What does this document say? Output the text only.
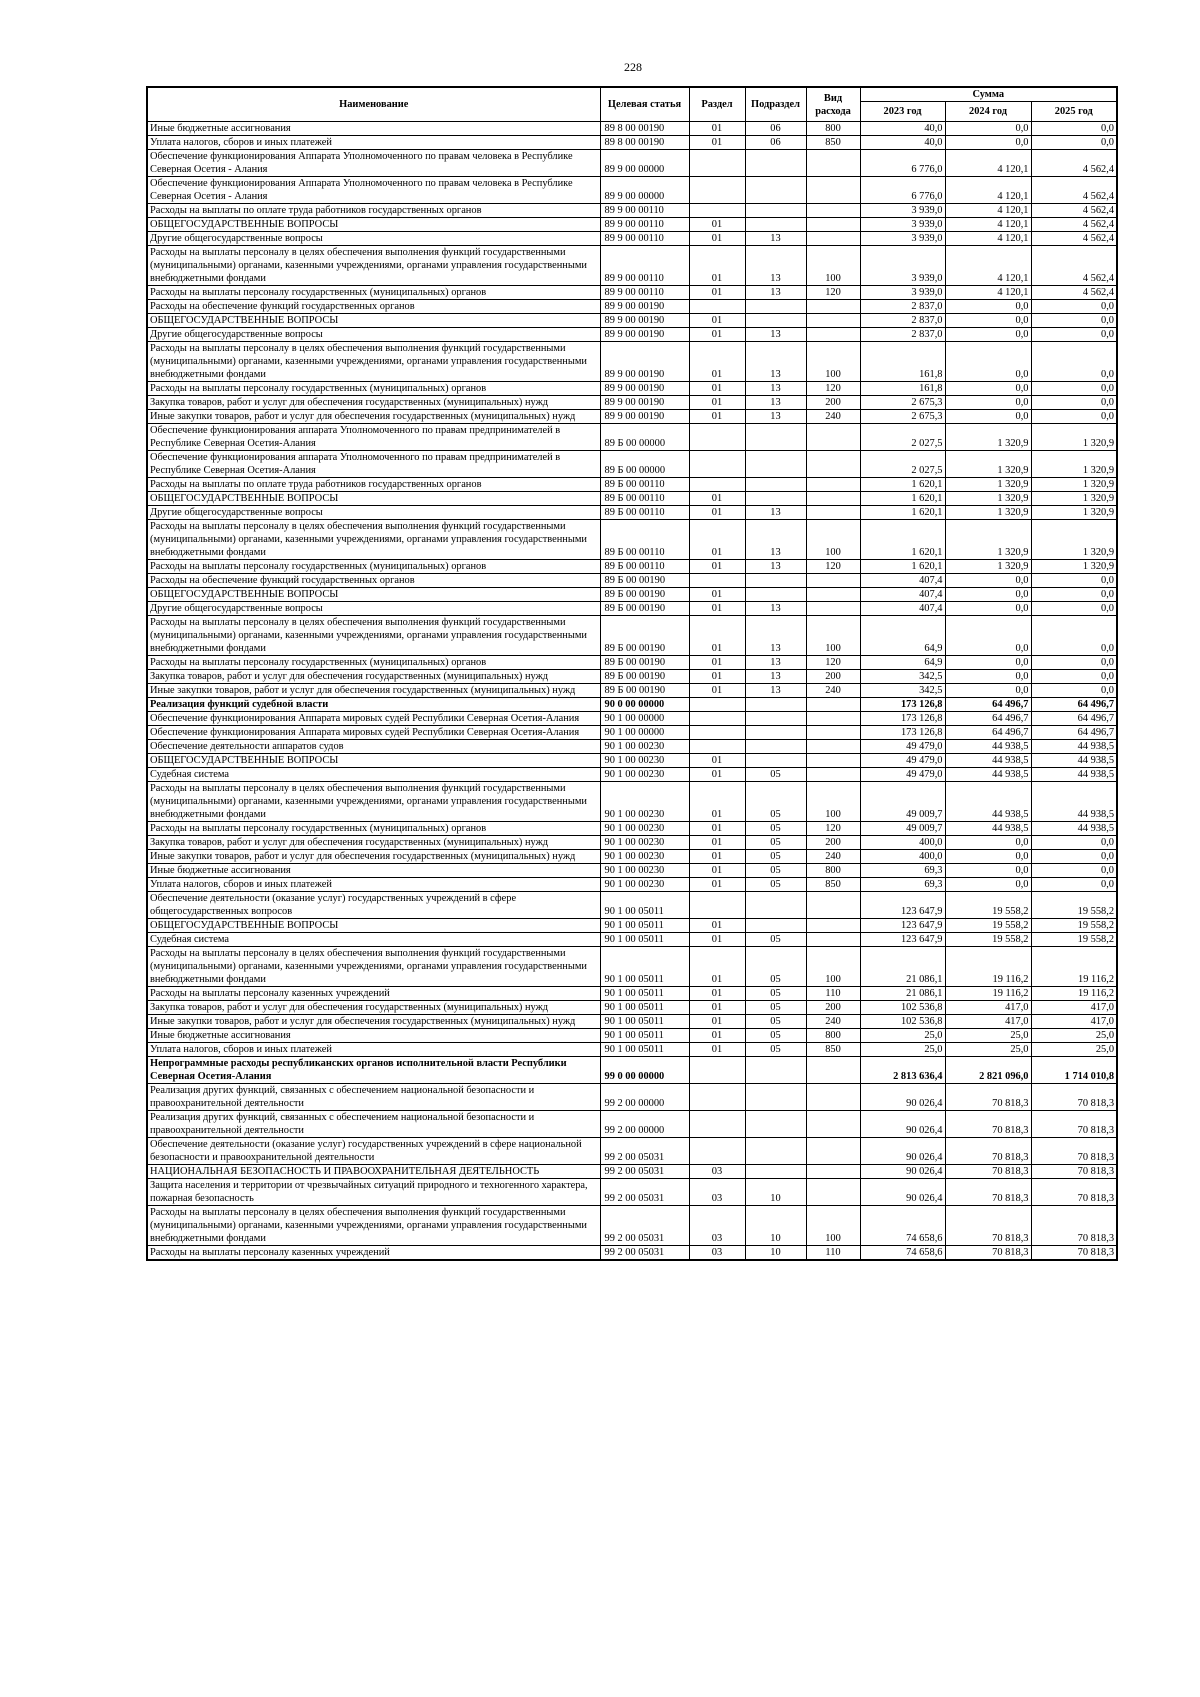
228
Наименование	Целевая статья	Раздел	Подраздел	Вид расхода	Сумма		
					2023 год	2024 год	2025 год
Иные бюджетные ассигнования	89 8 00 00190	01	06	800	40,0	0,0	0,0
Уплата налогов, сборов и иных платежей	89 8 00 00190	01	06	850	40,0	0,0	0,0
Обеспечение функционирования Аппарата Уполномоченного по правам человека в Республике Северная Осетия - Алания	89 9 00 00000				6 776,0	4 120,1	4 562,4
Обеспечение функционирования Аппарата Уполномоченного по правам человека в Республике Северная Осетия - Алания	89 9 00 00000				6 776,0	4 120,1	4 562,4
Расходы на выплаты по оплате труда работников государственных органов	89 9 00 00110				3 939,0	4 120,1	4 562,4
ОБЩЕГОСУДАРСТВЕННЫЕ ВОПРОСЫ	89 9 00 00110	01			3 939,0	4 120,1	4 562,4
Другие общегосударственные вопросы	89 9 00 00110	01	13		3 939,0	4 120,1	4 562,4
Расходы на выплаты персоналу в целях обеспечения выполнения функций государственными (муниципальными) органами, казенными учреждениями, органами управления государственными внебюджетными фондами	89 9 00 00110	01	13	100	3 939,0	4 120,1	4 562,4
Расходы на выплаты персоналу государственных (муниципальных) органов	89 9 00 00110	01	13	120	3 939,0	4 120,1	4 562,4
Расходы на обеспечение функций государственных органов	89 9 00 00190				2 837,0	0,0	0,0
ОБЩЕГОСУДАРСТВЕННЫЕ ВОПРОСЫ	89 9 00 00190	01			2 837,0	0,0	0,0
Другие общегосударственные вопросы	89 9 00 00190	01	13		2 837,0	0,0	0,0
Расходы на выплаты персоналу в целях обеспечения выполнения функций государственными (муниципальными) органами, казенными учреждениями, органами управления государственными внебюджетными фондами	89 9 00 00190	01	13	100	161,8	0,0	0,0
Расходы на выплаты персоналу государственных (муниципальных) органов	89 9 00 00190	01	13	120	161,8	0,0	0,0
Закупка товаров, работ и услуг для обеспечения государственных (муниципальных) нужд	89 9 00 00190	01	13	200	2 675,3	0,0	0,0
Иные закупки товаров, работ и услуг для обеспечения государственных (муниципальных) нужд	89 9 00 00190	01	13	240	2 675,3	0,0	0,0
Обеспечение функционирования аппарата Уполномоченного по правам предпринимателей в Республике Северная Осетия-Алания	89 Б 00 00000				2 027,5	1 320,9	1 320,9
Обеспечение функционирования аппарата Уполномоченного по правам предпринимателей в Республике Северная Осетия-Алания	89 Б 00 00000				2 027,5	1 320,9	1 320,9
Расходы на выплаты по оплате труда работников государственных органов	89 Б 00 00110				1 620,1	1 320,9	1 320,9
ОБЩЕГОСУДАРСТВЕННЫЕ ВОПРОСЫ	89 Б 00 00110	01			1 620,1	1 320,9	1 320,9
Другие общегосударственные вопросы	89 Б 00 00110	01	13		1 620,1	1 320,9	1 320,9
Расходы на выплаты персоналу в целях обеспечения выполнения функций государственными (муниципальными) органами, казенными учреждениями, органами управления государственными внебюджетными фондами	89 Б 00 00110	01	13	100	1 620,1	1 320,9	1 320,9
Расходы на выплаты персоналу государственных (муниципальных) органов	89 Б 00 00110	01	13	120	1 620,1	1 320,9	1 320,9
Расходы на обеспечение функций государственных органов	89 Б 00 00190				407,4	0,0	0,0
ОБЩЕГОСУДАРСТВЕННЫЕ ВОПРОСЫ	89 Б 00 00190	01			407,4	0,0	0,0
Другие общегосударственные вопросы	89 Б 00 00190	01	13		407,4	0,0	0,0
Расходы на выплаты персоналу в целях обеспечения выполнения функций государственными (муниципальными) органами, казенными учреждениями, органами управления государственными внебюджетными фондами	89 Б 00 00190	01	13	100	64,9	0,0	0,0
Расходы на выплаты персоналу государственных (муниципальных) органов	89 Б 00 00190	01	13	120	64,9	0,0	0,0
Закупка товаров, работ и услуг для обеспечения государственных (муниципальных) нужд	89 Б 00 00190	01	13	200	342,5	0,0	0,0
Иные закупки товаров, работ и услуг для обеспечения государственных (муниципальных) нужд	89 Б 00 00190	01	13	240	342,5	0,0	0,0
Реализация функций судебной власти	90 0 00 00000				173 126,8	64 496,7	64 496,7
Обеспечение функционирования Аппарата мировых судей Республики Северная Осетия-Алания	90 1 00 00000				173 126,8	64 496,7	64 496,7
Обеспечение функционирования Аппарата мировых судей Республики Северная Осетия-Алания	90 1 00 00000				173 126,8	64 496,7	64 496,7
Обеспечение деятельности аппаратов судов	90 1 00 00230				49 479,0	44 938,5	44 938,5
ОБЩЕГОСУДАРСТВЕННЫЕ ВОПРОСЫ	90 1 00 00230	01			49 479,0	44 938,5	44 938,5
Судебная система	90 1 00 00230	01	05		49 479,0	44 938,5	44 938,5
Расходы на выплаты персоналу в целях обеспечения выполнения функций государственными (муниципальными) органами, казенными учреждениями, органами управления государственными внебюджетными фондами	90 1 00 00230	01	05	100	49 009,7	44 938,5	44 938,5
Расходы на выплаты персоналу государственных (муниципальных) органов	90 1 00 00230	01	05	120	49 009,7	44 938,5	44 938,5
Закупка товаров, работ и услуг для обеспечения государственных (муниципальных) нужд	90 1 00 00230	01	05	200	400,0	0,0	0,0
Иные закупки товаров, работ и услуг для обеспечения государственных (муниципальных) нужд	90 1 00 00230	01	05	240	400,0	0,0	0,0
Иные бюджетные ассигнования	90 1 00 00230	01	05	800	69,3	0,0	0,0
Уплата налогов, сборов и иных платежей	90 1 00 00230	01	05	850	69,3	0,0	0,0
Обеспечение деятельности (оказание услуг) государственных учреждений в сфере общегосударственных вопросов	90 1 00 05011				123 647,9	19 558,2	19 558,2
ОБЩЕГОСУДАРСТВЕННЫЕ ВОПРОСЫ	90 1 00 05011	01			123 647,9	19 558,2	19 558,2
Судебная система	90 1 00 05011	01	05		123 647,9	19 558,2	19 558,2
Расходы на выплаты персоналу в целях обеспечения выполнения функций государственными (муниципальными) органами, казенными учреждениями, органами управления государственными внебюджетными фондами	90 1 00 05011	01	05	100	21 086,1	19 116,2	19 116,2
Расходы на выплаты персоналу казенных учреждений	90 1 00 05011	01	05	110	21 086,1	19 116,2	19 116,2
Закупка товаров, работ и услуг для обеспечения государственных (муниципальных) нужд	90 1 00 05011	01	05	200	102 536,8	417,0	417,0
Иные закупки товаров, работ и услуг для обеспечения государственных (муниципальных) нужд	90 1 00 05011	01	05	240	102 536,8	417,0	417,0
Иные бюджетные ассигнования	90 1 00 05011	01	05	800	25,0	25,0	25,0
Уплата налогов, сборов и иных платежей	90 1 00 05011	01	05	850	25,0	25,0	25,0
Непрограммные расходы республиканских органов исполнительной власти Республики Северная Осетия-Алания	99 0 00 00000				2 813 636,4	2 821 096,0	1 714 010,8
Реализация других функций, связанных с обеспечением национальной безопасности и правоохранительной деятельности	99 2 00 00000				90 026,4	70 818,3	70 818,3
Реализация других функций, связанных с обеспечением национальной безопасности и правоохранительной деятельности	99 2 00 00000				90 026,4	70 818,3	70 818,3
Обеспечение деятельности (оказание услуг) государственных учреждений в сфере национальной безопасности и правоохранительной деятельности	99 2 00 05031				90 026,4	70 818,3	70 818,3
НАЦИОНАЛЬНАЯ БЕЗОПАСНОСТЬ И ПРАВООХРАНИТЕЛЬНАЯ ДЕЯТЕЛЬНОСТЬ	99 2 00 05031	03			90 026,4	70 818,3	70 818,3
Защита населения и территории от чрезвычайных ситуаций природного и техногенного характера, пожарная безопасность	99 2 00 05031	03	10		90 026,4	70 818,3	70 818,3
Расходы на выплаты персоналу в целях обеспечения выполнения функций государственными (муниципальными) органами, казенными учреждениями, органами управления государственными внебюджетными фондами	99 2 00 05031	03	10	100	74 658,6	70 818,3	70 818,3
Расходы на выплаты персоналу казенных учреждений	99 2 00 05031	03	10	110	74 658,6	70 818,3	70 818,3
